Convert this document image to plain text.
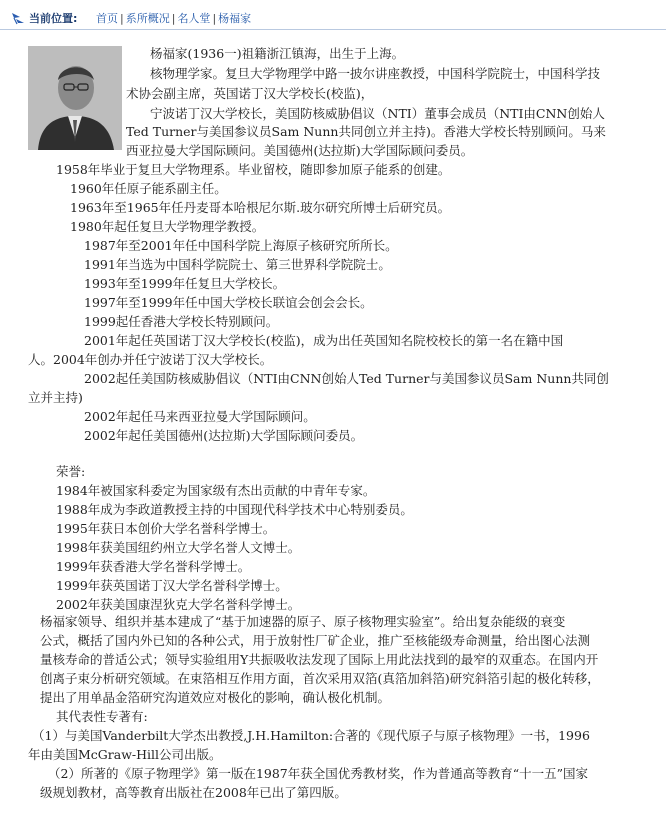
当前位置: 首页 | 系所概况 | 名人堂 | 杨福家
杨福家(1936一)祖籍浙江镇海，出生于上海。
核物理学家。复旦大学物理学中路一披尔讲座教授，中国科学院院士，中国科学技
术协会副主席，英国诺丁汉大学校长(校监)，
宁波诺丁汉大学校长，美国防核威胁倡议（NTI）董事会成员（NTI由CNN创始人
Ted Turner与美国参议员Sam Nunn共同创立并主持)。香港大学校长特别顾问。马来
西亚拉曼大学国际顾问。美国德州(达拉斯)大学国际顾问委员。
1958年毕业于复旦大学物理系。毕业留校，随即参加原子能系的创建。
1960年任原子能系副主任。
1963年至1965年任丹麦哥本哈根尼尔斯.玻尔研究所博士后研究员。
1980年起任复旦大学物理学教授。
1987年至2001年任中国科学院上海原子核研究所所长。
1991年当选为中国科学院院士、第三世界科学院院士。
1993年至1999年任复旦大学校长。
1997年至1999年任中国大学校长联谊会创会会长。
1999起任香港大学校长特别顾问。
2001年起任英国诺丁汉大学校长(校监)，成为出任英国知名院校校长的第一名在籍中国
人。2004年创办并任宁波诺丁汉大学校长。
2002起任美国防核威胁倡议（NTI由CNN创始人Ted Turner与美国参议员Sam Nunn共同创
立并主持)
2002年起任马来西亚拉曼大学国际顾问。
2002年起任美国德州(达拉斯)大学国际顾问委员。
荣誉:
1984年被国家科委定为国家级有杰出贡献的中青年专家。
1988年成为李政道教授主持的中国现代科学技术中心特别委员。
1995年获日本创价大学名誉科学博士。
1998年获美国纽约州立大学名誉人文博士。
1999年获香港大学名誉科学博士。
1999年获英国诺丁汉大学名誉科学博士。
2002年获美国康涅狄克大学名誉科学博士。
杨福家领导、组织并基本建成了“基于加速器的原子、原子核物理实验室”。给出复杂能级的衰变
公式，概括了国内外已知的各种公式，用于放射性厂矿企业，推广至核能级寿命测量，给出图心法测
量核寿命的普适公式；领导实验组用Y共振吸收法发现了国际上用此法找到的最窄的双重态。在国内开
创离子束分析研究领域。在束箔相互作用方面，首次采用双箔(真箔加斜箔)研究斜箔引起的极化转移，
提出了用单晶金箔研究沟道效应对极化的影响，确认极化机制。
其代表性专著有:
（1）与美国Vanderbilt大学杰出教授,J.H.Hamilton:合著的《现代原子与原子核物理》一书，1996
年由美国McGraw-Hill公司出版。
（2）所著的《原子物理学》第一版在1987年获全国优秀教材奖，作为普通高等教育“十一五”国家
级规划教材，高等教育出版社在2008年已出了第四版。
